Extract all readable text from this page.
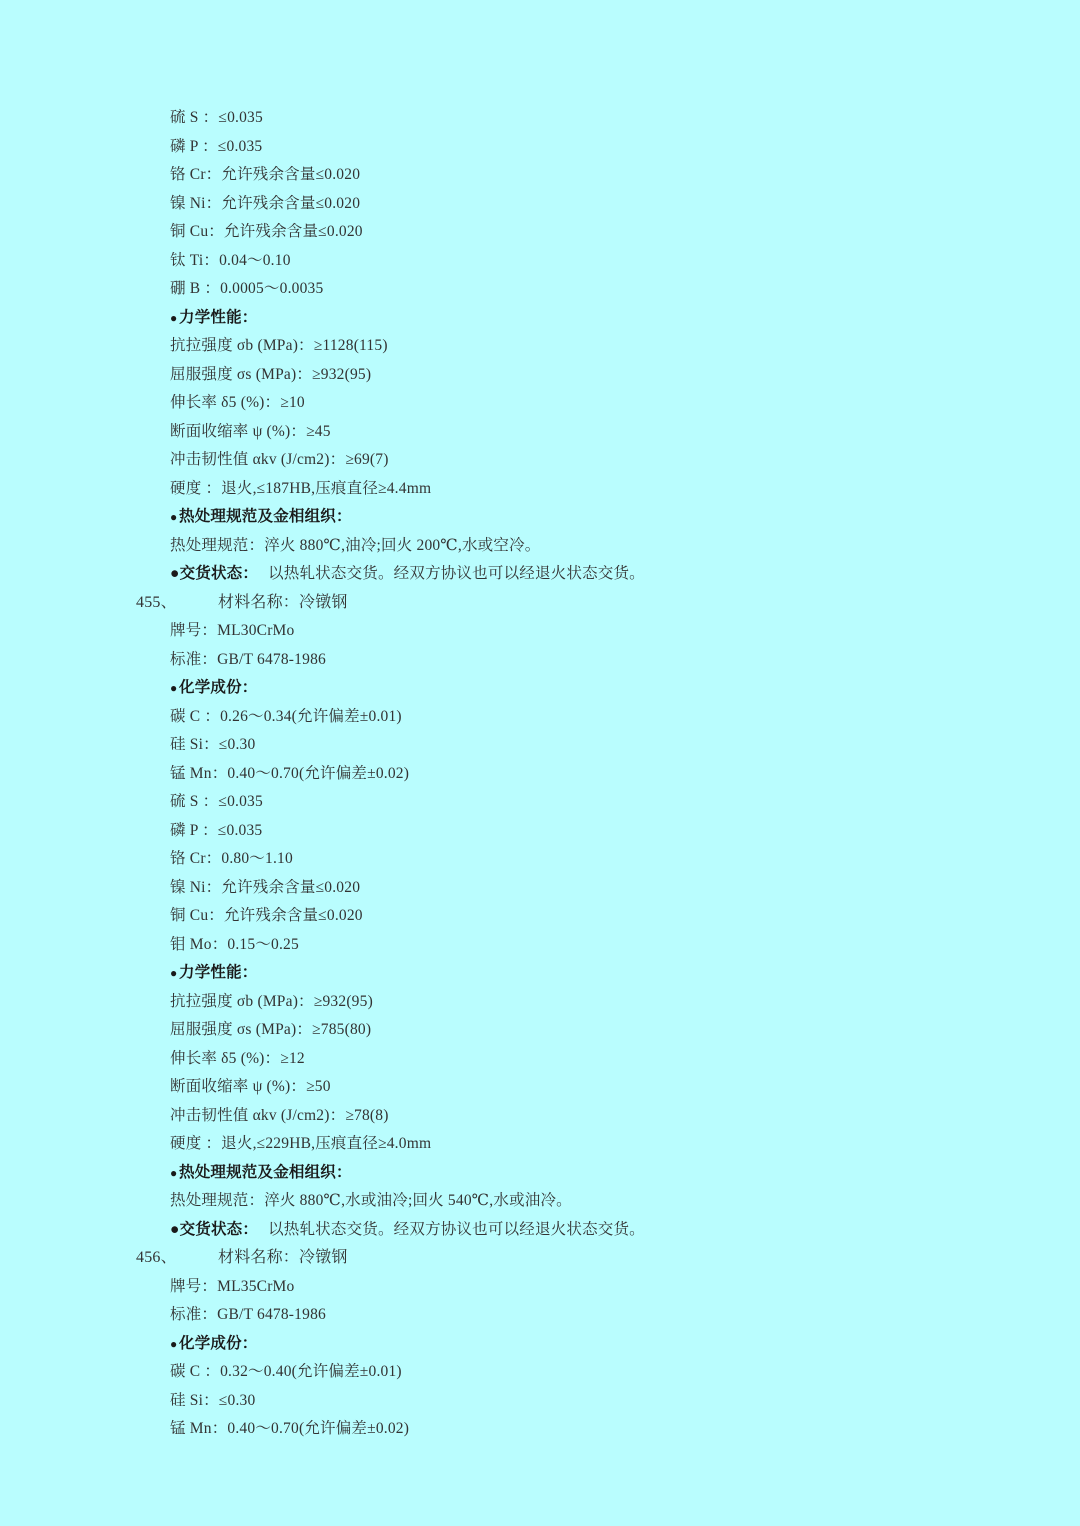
硫 S ：≤0.035
磷 P ：≤0.035
铬 Cr：允许残余含量≤0.020
镍 Ni：允许残余含量≤0.020
铜 Cu：允许残余含量≤0.020
钛 Ti：0.04～0.10
硼 B ：0.0005～0.0035
●力学性能：
抗拉强度 σb (MPa)：≥1128(115)
屈服强度 σs (MPa)：≥932(95)
伸长率 δ5 (%)：≥10
断面收缩率 ψ (%)：≥45
冲击韧性值 αkv (J/cm2)：≥69(7)
硬度 ：退火,≤187HB,压痕直径≥4.4mm
●热处理规范及金相组织：
热处理规范：淬火 880℃,油冷;回火 200℃,水或空冷。
●交货状态： 以热轧状态交货。经双方协议也可以经退火状态交货。
455、	材料名称：冷镦钢
牌号：ML30CrMo
标准：GB/T 6478-1986
●化学成份：
碳 C ：0.26～0.34(允许偏差±0.01)
硅 Si：≤0.30
锰 Mn：0.40～0.70(允许偏差±0.02)
硫 S ：≤0.035
磷 P ：≤0.035
铬 Cr：0.80～1.10
镍 Ni：允许残余含量≤0.020
铜 Cu：允许残余含量≤0.020
钼 Mo：0.15～0.25
●力学性能：
抗拉强度 σb (MPa)：≥932(95)
屈服强度 σs (MPa)：≥785(80)
伸长率 δ5 (%)：≥12
断面收缩率 ψ (%)：≥50
冲击韧性值 αkv (J/cm2)：≥78(8)
硬度 ：退火,≤229HB,压痕直径≥4.0mm
●热处理规范及金相组织：
热处理规范：淬火 880℃,水或油冷;回火 540℃,水或油冷。
●交货状态： 以热轧状态交货。经双方协议也可以经退火状态交货。
456、	材料名称：冷镦钢
牌号：ML35CrMo
标准：GB/T 6478-1986
●化学成份：
碳 C ：0.32～0.40(允许偏差±0.01)
硅 Si：≤0.30
锰 Mn：0.40～0.70(允许偏差±0.02)
